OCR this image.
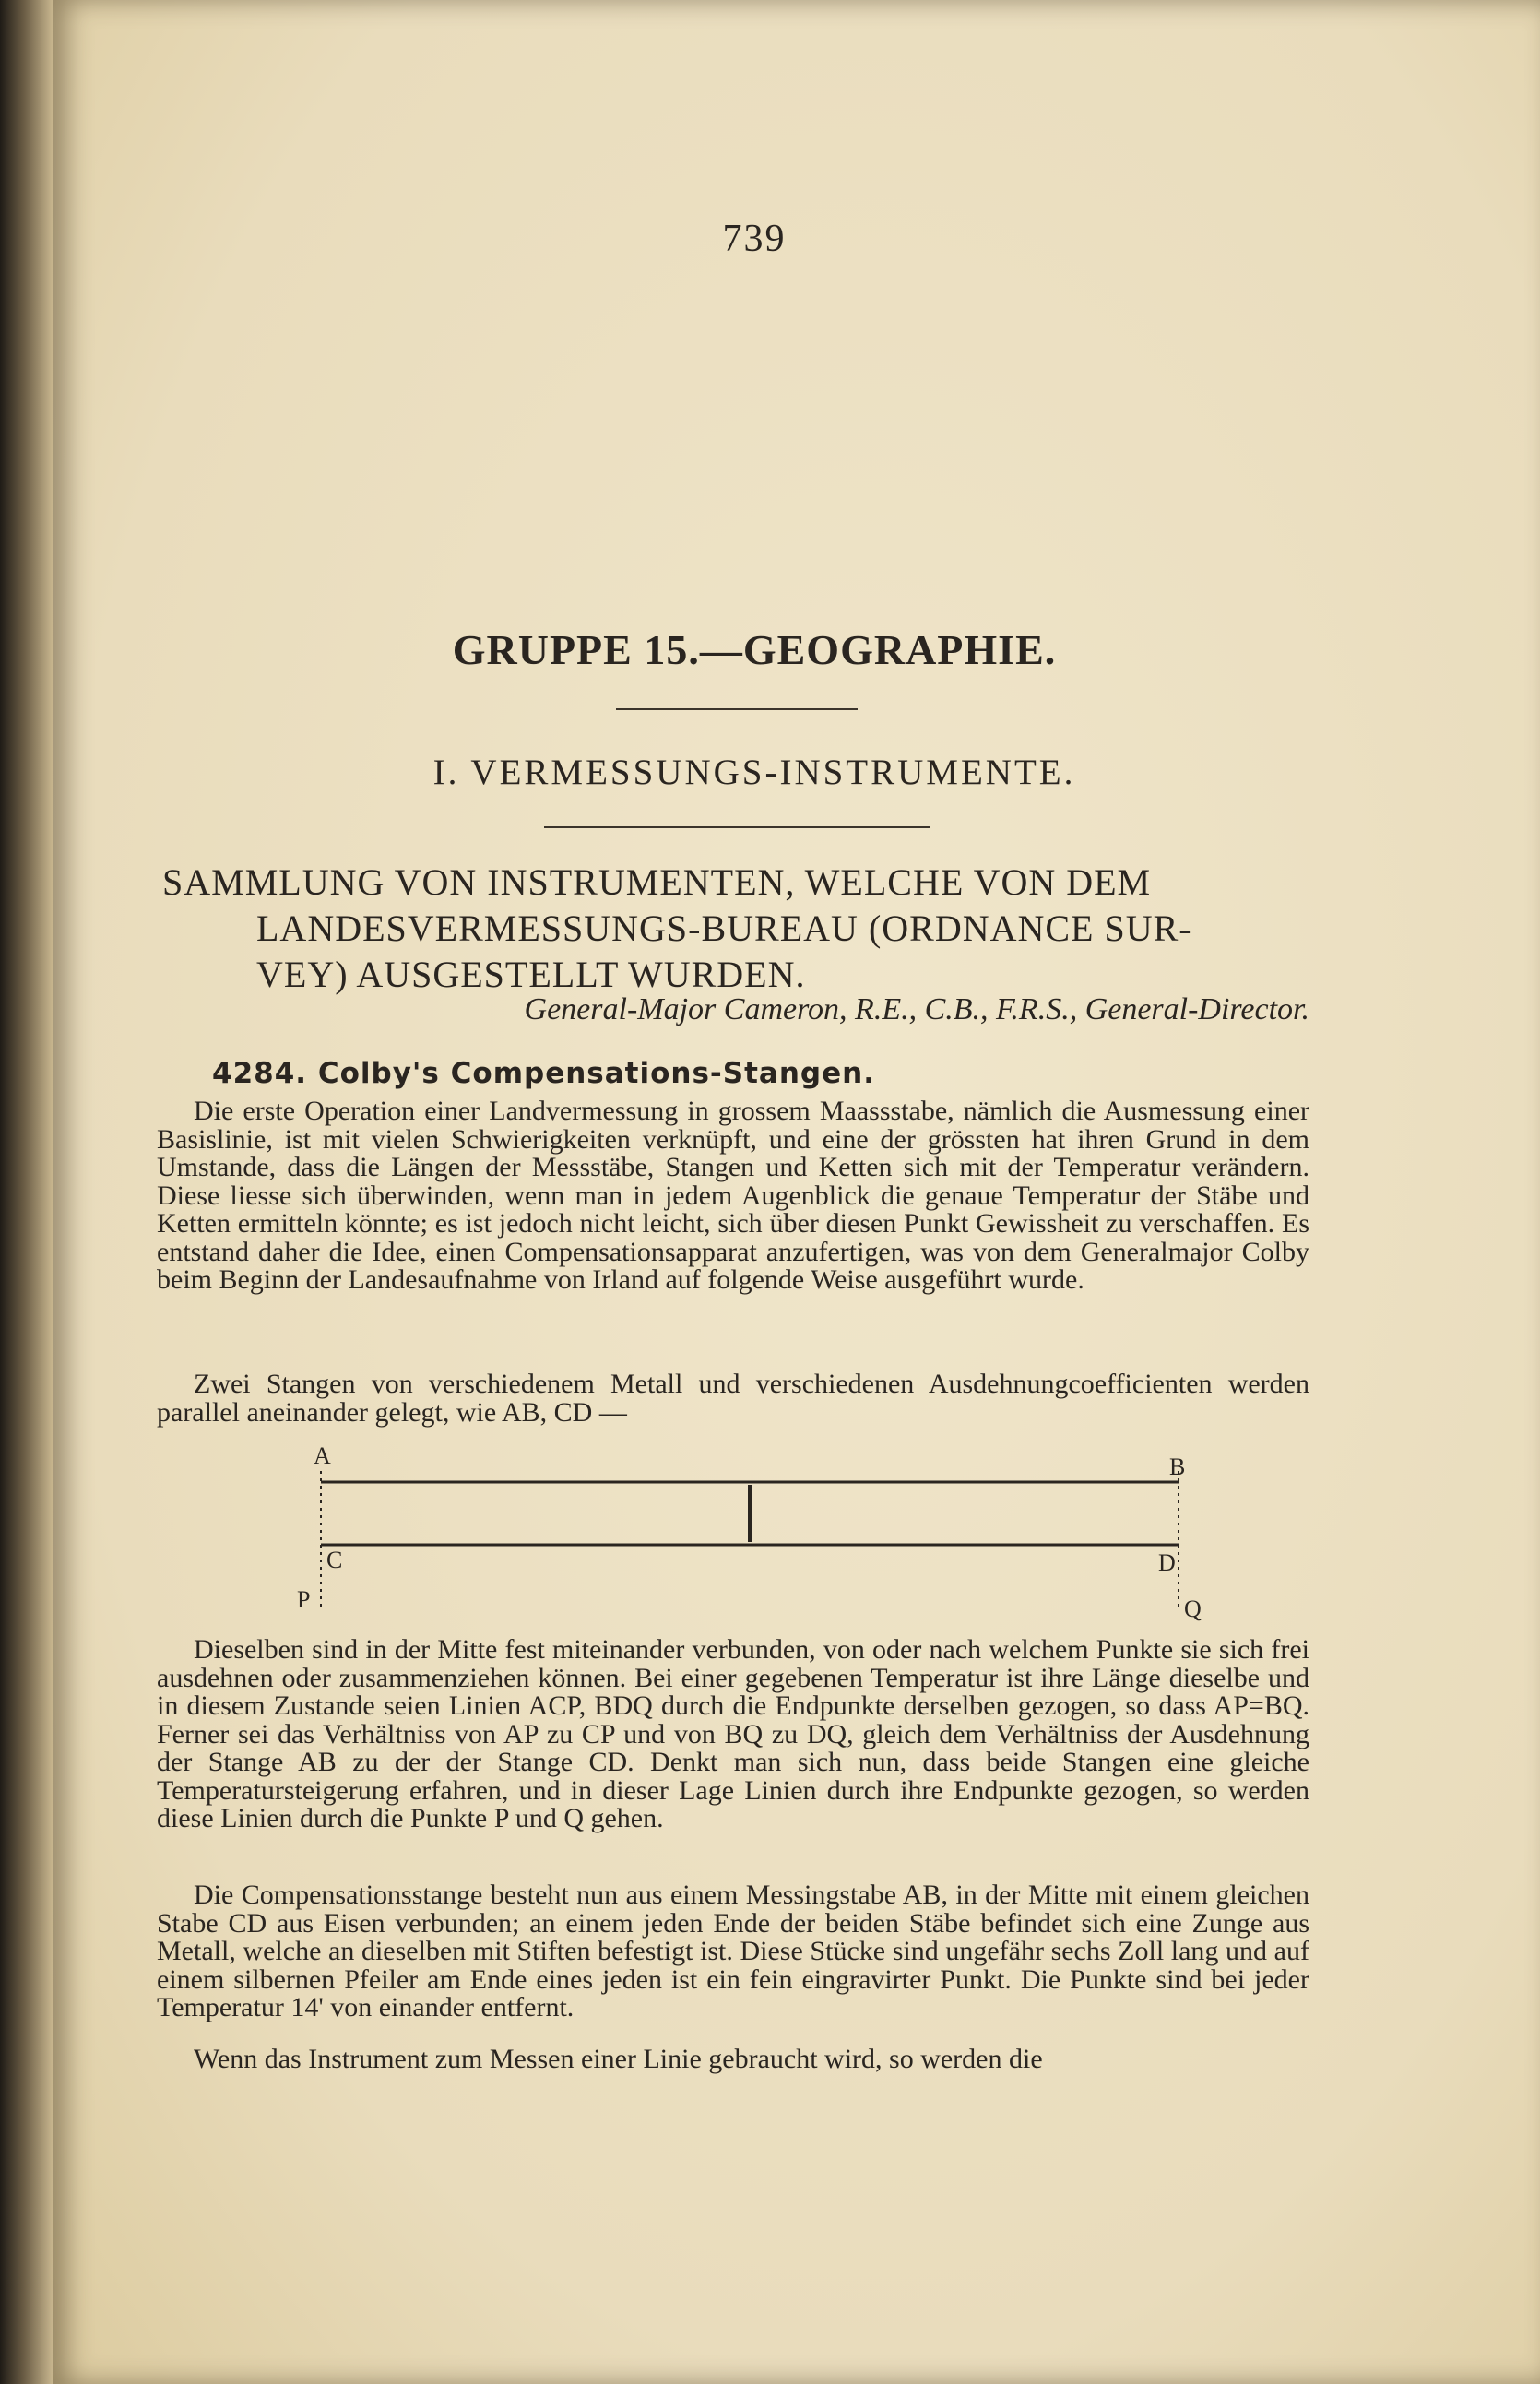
739
GRUPPE 15.—GEOGRAPHIE.
I. VERMESSUNGS-INSTRUMENTE.
SAMMLUNG VON INSTRUMENTEN, WELCHE VON DEM
LANDESVERMESSUNGS-BUREAU (ORDNANCE SUR-
VEY) AUSGESTELLT WURDEN.
General-Major Cameron, R.E., C.B., F.R.S., General-Director.
4284. Colby's Compensations-Stangen.

Die erste Operation einer Landvermessung in grossem Maassstabe, nämlich die Ausmessung einer Basislinie, ist mit vielen Schwierigkeiten verknüpft, und eine der grössten hat ihren Grund in dem Umstande, dass die Längen der Messstäbe, Stangen und Ketten sich mit der Temperatur verändern. Diese liesse sich überwinden, wenn man in jedem Augenblick die genaue Temperatur der Stäbe und Ketten ermitteln könnte; es ist jedoch nicht leicht, sich über diesen Punkt Gewissheit zu verschaffen. Es entstand daher die Idee, einen Compensationsapparat anzufertigen, was von dem Generalmajor Colby beim Beginn der Landesaufnahme von Irland auf folgende Weise ausgeführt wurde.

Zwei Stangen von verschiedenem Metall und verschiedenen Ausdehnungcoefficienten werden parallel aneinander gelegt, wie AB, CD —

A	B
C	D
P	Q

Dieselben sind in der Mitte fest miteinander verbunden, von oder nach welchem Punkte sie sich frei ausdehnen oder zusammenziehen können. Bei einer gegebenen Temperatur ist ihre Länge dieselbe und in diesem Zustande seien Linien ACP, BDQ durch die Endpunkte derselben gezogen, so dass AP=BQ. Ferner sei das Verhältniss von AP zu CP und von BQ zu DQ, gleich dem Verhältniss der Ausdehnung der Stange AB zu der der Stange CD. Denkt man sich nun, dass beide Stangen eine gleiche Temperatursteigerung erfahren, und in dieser Lage Linien durch ihre Endpunkte gezogen, so werden diese Linien durch die Punkte P und Q gehen.

Die Compensationsstange besteht nun aus einem Messingstabe AB, in der Mitte mit einem gleichen Stabe CD aus Eisen verbunden; an einem jeden Ende der beiden Stäbe befindet sich eine Zunge aus Metall, welche an dieselben mit Stiften befestigt ist. Diese Stücke sind ungefähr sechs Zoll lang und auf einem silbernen Pfeiler am Ende eines jeden ist ein fein eingravirter Punkt. Die Punkte sind bei jeder Temperatur 14' von einander entfernt.

Wenn das Instrument zum Messen einer Linie gebraucht wird, so werden die
